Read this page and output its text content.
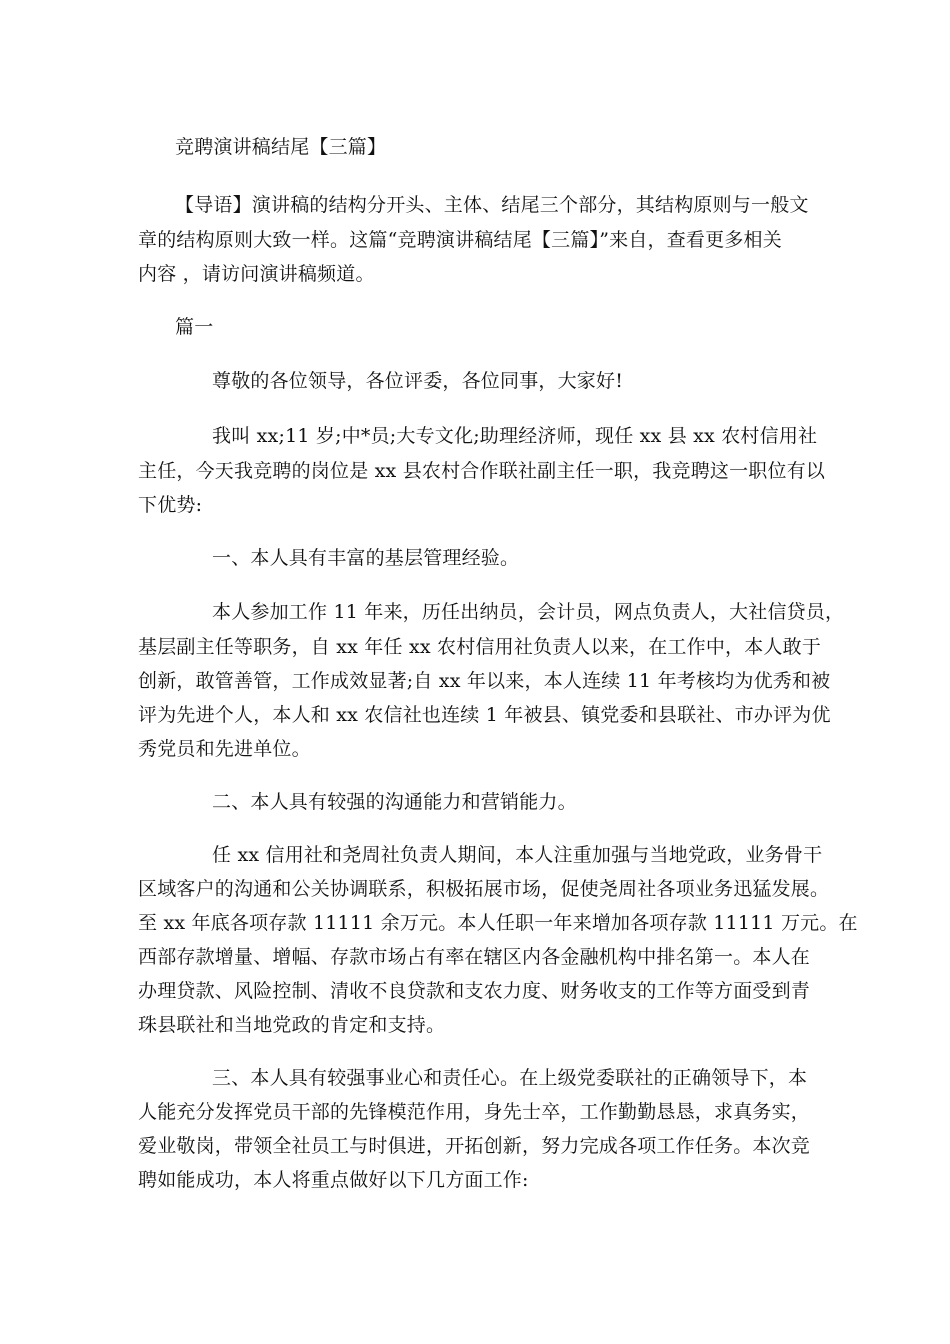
竞聘演讲稿结尾【三篇】
【导语】演讲稿的结构分开头、主体、结尾三个部分，其结构原则与一般文
章的结构原则大致一样。这篇“竞聘演讲稿结尾【三篇】”来自，查看更多相关
内容 ，请访问演讲稿频道。
篇一
尊敬的各位领导，各位评委，各位同事，大家好!
我叫 xx;11 岁;中*员;大专文化;助理经济师，现任 xx 县 xx 农村信用社
主任，今天我竞聘的岗位是 xx 县农村合作联社副主任一职，我竞聘这一职位有以
下优势:
一、本人具有丰富的基层管理经验。
本人参加工作 11 年来，历任出纳员，会计员，网点负责人，大社信贷员，
基层副主任等职务，自 xx 年任 xx 农村信用社负责人以来，在工作中，本人敢于
创新，敢管善管，工作成效显著;自 xx 年以来，本人连续 11 年考核均为优秀和被
评为先进个人，本人和 xx 农信社也连续 1 年被县、镇党委和县联社、市办评为优
秀党员和先进单位。
二、本人具有较强的沟通能力和营销能力。
任 xx 信用社和尧周社负责人期间，本人注重加强与当地党政，业务骨干
区域客户的沟通和公关协调联系，积极拓展市场，促使尧周社各项业务迅猛发展。
至 xx 年底各项存款 11111 余万元。本人任职一年来增加各项存款 11111 万元。在
西部存款增量、增幅、存款市场占有率在辖区内各金融机构中排名第一。本人在
办理贷款、风险控制、清收不良贷款和支农力度、财务收支的工作等方面受到青
珠县联社和当地党政的肯定和支持。
三、本人具有较强事业心和责任心。在上级党委联社的正确领导下，本
人能充分发挥党员干部的先锋模范作用，身先士卒，工作勤勤恳恳，求真务实，
爱业敬岗，带领全社员工与时俱进，开拓创新，努力完成各项工作任务。本次竞
聘如能成功，本人将重点做好以下几方面工作:
